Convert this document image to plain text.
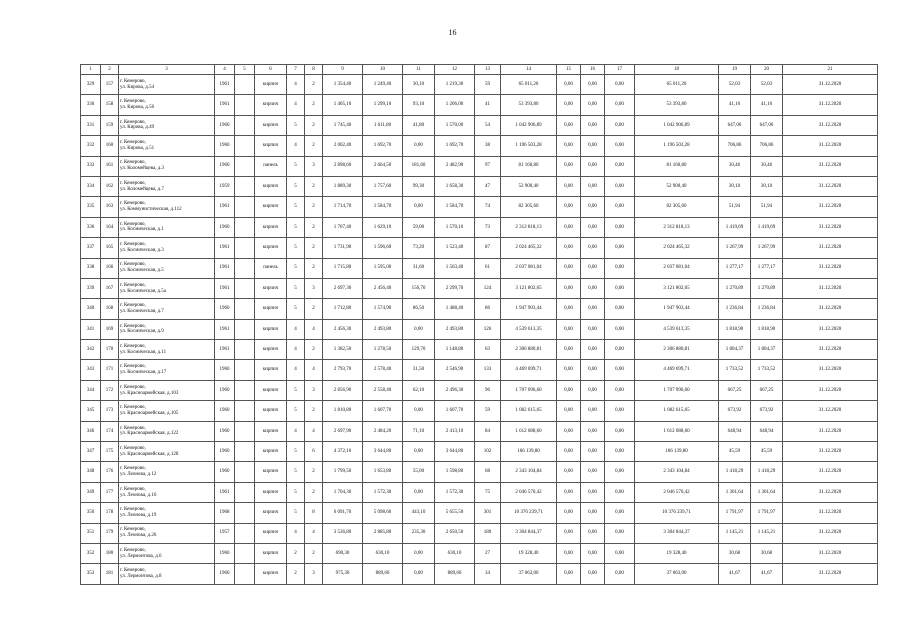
16
1	2	3	4	5	6	7	8	9	10	11	12	13	14	15	16	17	18	19	20	21
329	157	г. Кемерово,
ул. Кирова, д.54	1961		кирпич	4	2	1 354,40	1 249,40	30,10	1 219,30	59	65 011,20	0,00	0,00	0,00	65 011,20	52,03	52,03	31.12.2020
330	158	г. Кемерово,
ул. Кирова, д.56	1961		кирпич	4	2	1 405,10	1 299,10	93,10	1 206,00	41	53 393,80	0,00	0,00	0,00	53 393,80	41,10	41,10	31.12.2020
331	159	г. Кемерово,
ул. Кирова, д.49	1960		кирпич	5	2	1 745,40	1 611,80	41,80	1 570,00	54	1 042 906,89	0,00	0,00	0,00	1 042 906,89	647,06	647,06	31.12.2020
332	160	г. Кемерово,
ул. Кирова, д.51	1960		кирпич	4	2	2 002,40	1 692,70	0,00	1 692,70	38	1 196 503,28	0,00	0,00	0,00	1 196 503,28	706,86	706,86	31.12.2020
333	161	г. Кемерово,
ул. Коломейцева, д.3	1960		панель	5	3	2 898,60	2 664,50	181,60	2 482,90	97	81 160,80	0,00	0,00	0,00	81 160,80	30,46	30,46	31.12.2020
334	162	г. Кемерово,
ул. Коломейцева, д.7	1959		кирпич	5	2	1 889,30	1 757,60	99,30	1 658,30	47	52 900,40	0,00	0,00	0,00	52 900,40	30,10	30,10	31.12.2020
335	163	г. Кемерово,
ул. Коммунистическая, д.112	1961		кирпич	5	2	1 714,70	1 584,70	0,00	1 584,70	74	82 305,60	0,00	0,00	0,00	82 305,60	51,94	51,94	31.12.2020
336	164	г. Кемерово,
ул. Космическая, д.1	1960		кирпич	5	2	1 767,40	1 629,10	59,00	1 570,10	73	2 312 818,13	0,00	0,00	0,00	2 312 818,13	1 419,69	1 419,69	31.12.2020
337	165	г. Кемерово,
ул. Космическая, д.3	1961		кирпич	5	2	1 731,90	1 596,60	73,20	1 523,40	87	2 024 465,32	0,00	0,00	0,00	2 024 465,32	1 267,99	1 267,99	31.12.2020
338	166	г. Кемерово,
ул. Космическая, д.5	1961		панель	5	2	1 715,80	1 595,00	31,60	1 563,40	61	2 037 081,04	0,00	0,00	0,00	2 037 081,04	1 277,17	1 277,17	31.12.2020
339	167	г. Кемерово,
ул. Космическая, д.5а	1961		кирпич	5	3	2 697,30	2 456,40	156,70	2 299,70	124	3 121 802,65	0,00	0,00	0,00	3 121 802,65	1 270,89	1 270,89	31.12.2020
340	168	г. Кемерово,
ул. Космическая, д.7	1960		кирпич	5	2	1 712,80	1 574,90	86,50	1 488,40	86	1 947 903,44	0,00	0,00	0,00	1 947 903,44	1 236,84	1 236,84	31.12.2020
341	169	г. Кемерово,
ул. Космическая, д.9	1961		кирпич	4	4	2 456,30	2 493,80	0,00	2 493,80	126	4 539 613,35	0,00	0,00	0,00	4 539 613,35	1 818,90	1 818,90	31.12.2020
342	170	г. Кемерово,
ул. Космическая, д.11	1961		кирпич	4	2	1 382,50	1 278,50	129,70	1 148,80	63	2 306 880,81	0,00	0,00	0,00	2 306 880,81	1 804,37	1 804,37	31.12.2020
343	171	г. Кемерово,
ул. Космическая, д.17	1960		кирпич	4	4	2 793,70	2 578,40	31,50	2 546,90	133	4 469 699,71	0,00	0,00	0,00	4 469 699,71	1 733,52	1 733,52	31.12.2020
344	172	г. Кемерово,
ул. Красноармейская, д.103	1960		кирпич	5	3	2 856,90	2 558,40	62,10	2 496,30	96	1 707 096,60	0,00	0,00	0,00	1 707 096,60	667,25	667,25	31.12.2020
345	173	г. Кемерово,
ул. Красноармейская, д.105	1960		кирпич	5	2	1 810,80	1 607,70	0,00	1 607,70	59	1 082 615,65	0,00	0,00	0,00	1 082 615,65	673,92	673,92	31.12.2020
346	174	г. Кемерово,
ул. Красноармейская, д.122	1960		кирпич	4	4	2 697,90	2 484,20	71,10	2 413,10	84	1 612 088,60	0,00	0,00	0,00	1 612 088,60	648,94	648,94	31.12.2020
347	175	г. Кемерово,
ул. Красноармейская, д.128	1960		кирпич	5	6	4 372,10	3 644,80	0,00	3 644,80	102	166 139,80	0,00	0,00	0,00	166 139,80	45,59	45,59	31.12.2020
348	176	г. Кемерово,
ул. Леонова, д.12	1960		кирпич	5	2	1 799,50	1 653,80	55,00	1 598,80	68	2 343 104,84	0,00	0,00	0,00	2 343 104,84	1 418,29	1 418,29	31.12.2020
349	177	г. Кемерово,
ул. Леонова, д.16	1961		кирпич	5	2	1 704,30	1 572,30	0,00	1 572,30	75	2 046 570,42	0,00	0,00	0,00	2 046 570,42	1 301,64	1 301,64	31.12.2020
350	178	г. Кемерово,
ул. Леонова, д.19	1968		кирпич	5	8	6 091,70	5 098,60	443,10	5 655,50	301	10 376 239,71	0,00	0,00	0,00	10 376 239,71	1 791,97	1 791,97	31.12.2020
351	179	г. Кемерово,
ул. Леонова, д.26	1957		кирпич	4	4	3 536,80	2 885,80	235,30	2 650,50	180	3 304 844,37	0,00	0,00	0,00	3 304 844,37	1 145,21	1 145,21	31.12.2020
352	180	г. Кемерово,
ул. Лермонтова, д.6	1960		кирпич	2	2	690,30	630,10	0,00	630,10	27	19 328,40	0,00	0,00	0,00	19 328,40	30,68	30,68	31.12.2020
353	181	г. Кемерово,
ул. Лермонтова, д.8	1960		кирпич	2	3	975,30	889,60	0,00	889,60	34	37 063,00	0,00	0,00	0,00	37 063,00	41,67	41,67	31.12.2020
